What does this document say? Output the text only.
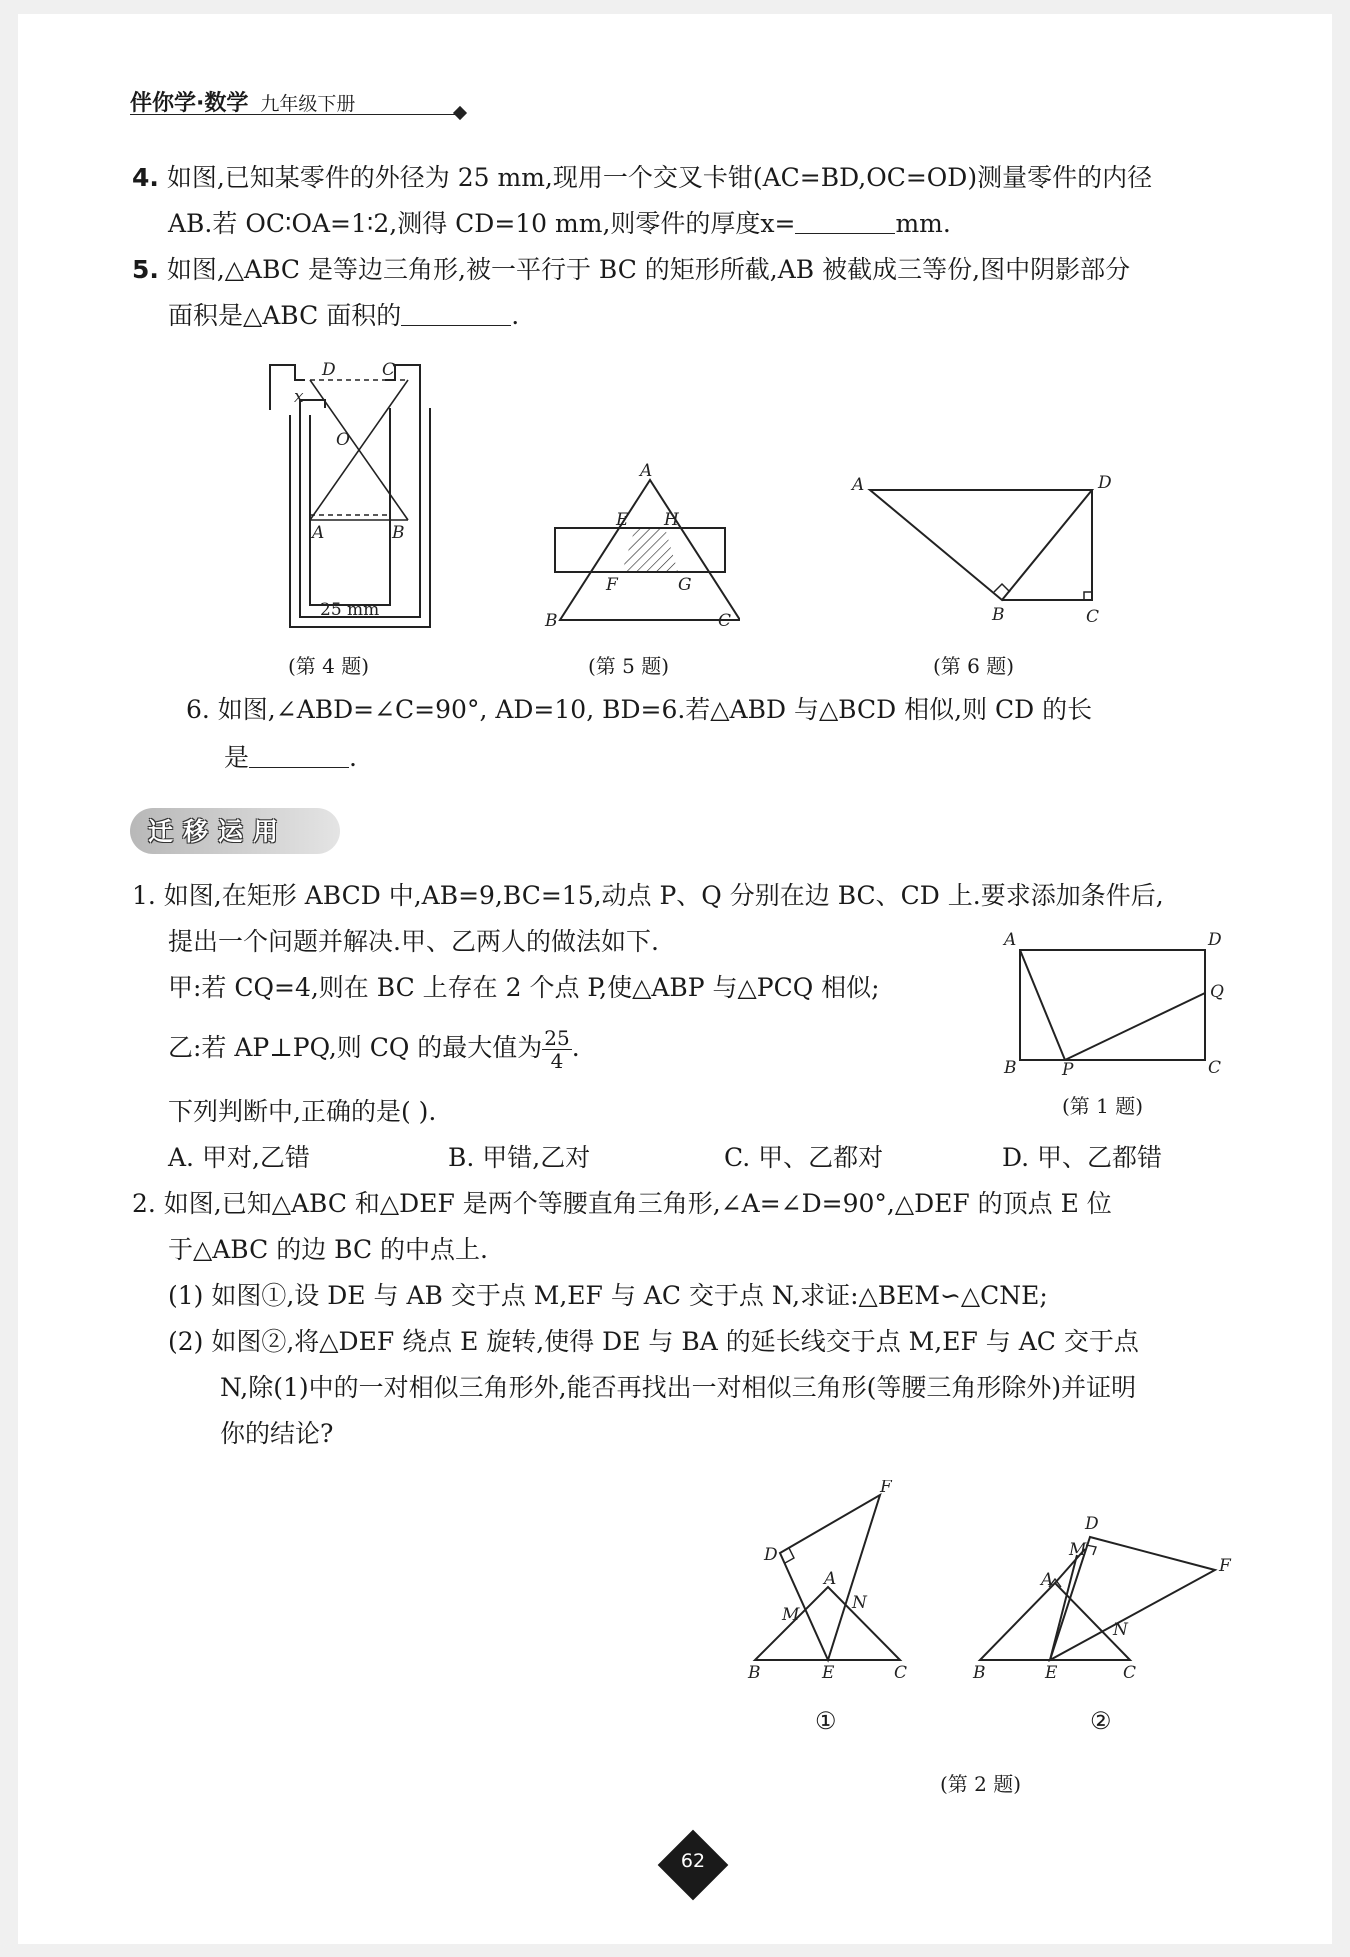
伴你学·数学 九年级下册
4. 如图,已知某零件的外径为 25 mm,现用一个交叉卡钳(AC=BD,OC=OD)测量零件的内径
AB.若 OC∶OA=1∶2,测得 CD=10 mm,则零件的厚度x=	mm.
5. 如图,△ABC 是等边三角形,被一平行于 BC 的矩形所截,AB 被截成三等份,图中阴影部分
面积是△ABC 面积的	.
D	C
x
O
A	B
25 mm
A
E H
F	G
B	C
A	D
B	C
(第 4 题)	(第 5 题)	(第 6 题)
6. 如图,∠ABD=∠C=90°, AD=10, BD=6.若△ABD 与△BCD 相似,则 CD 的长
是	.
迁移运用
1. 如图,在矩形 ABCD 中,AB=9,BC=15,动点 P、Q 分别在边 BC、CD 上.要求添加条件后,
提出一个问题并解决.甲、乙两人的做法如下.
甲:若 CQ=4,则在 BC 上存在 2 个点 P,使△ABP 与△PCQ 相似;
乙:若 AP⊥PQ,则 CQ 的最大值为 $\frac{25}{4}$ .
下列判断中,正确的是( ).
A. 甲对,乙错	B. 甲错,乙对	C. 甲、乙都对	D. 甲、乙都错
A	D
Q
B	P	C
(第 1 题)
2. 如图,已知△ABC 和△DEF 是两个等腰直角三角形,∠A=∠D=90°,△DEF 的顶点 E 位
于△ABC 的边 BC 的中点上.
(1) 如图①,设 DE 与 AB 交于点 M,EF 与 AC 交于点 N,求证:△BEM∽△CNE;
(2) 如图②,将△DEF 绕点 E 旋转,使得 DE 与 BA 的延长线交于点 M,EF 与 AC 交于点
N,除(1)中的一对相似三角形外,能否再找出一对相似三角形(等腰三角形除外)并证明
你的结论?
F
D
A
N
M
B	E	C
D
M
F
A
N
B	E	C
①	②
(第 2 题)
62
